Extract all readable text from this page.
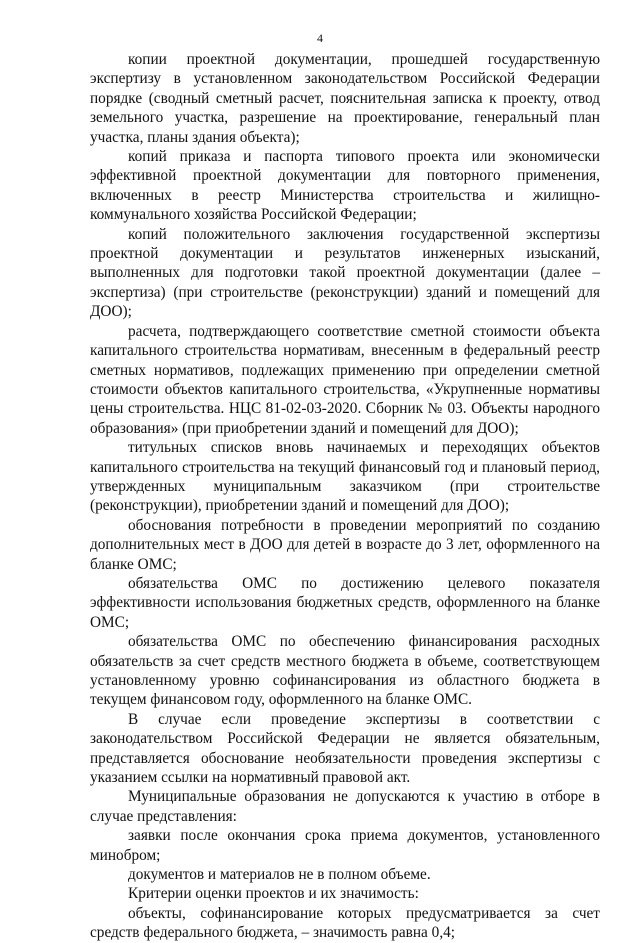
4

копии проектной документации, прошедшей государственную экспертизу в установленном законодательством Российской Федерации порядке (сводный сметный расчет, пояснительная записка к проекту, отвод земельного участка, разрешение на проектирование, генеральный план участка, планы здания объекта);

копий приказа и паспорта типового проекта или экономически эффективной проектной документации для повторного применения, включенных в реестр Министерства строительства и жилищно-коммунального хозяйства Российской Федерации;

копий положительного заключения государственной экспертизы проектной документации и результатов инженерных изысканий, выполненных для подготовки такой проектной документации (далее – экспертиза) (при строительстве (реконструкции) зданий и помещений для ДОО);

расчета, подтверждающего соответствие сметной стоимости объекта капитального строительства нормативам, внесенным в федеральный реестр сметных нормативов, подлежащих применению при определении сметной стоимости объектов капитального строительства, «Укрупненные нормативы цены строительства. НЦС 81-02-03-2020. Сборник № 03. Объекты народного образования» (при приобретении зданий и помещений для ДОО);

титульных списков вновь начинаемых и переходящих объектов капитального строительства на текущий финансовый год и плановый период, утвержденных муниципальным заказчиком (при строительстве (реконструкции), приобретении зданий и помещений для ДОО);

обоснования потребности в проведении мероприятий по созданию дополнительных мест в ДОО для детей в возрасте до 3 лет, оформленного на бланке ОМС;

обязательства ОМС по достижению целевого показателя эффективности использования бюджетных средств, оформленного на бланке ОМС;

обязательства ОМС по обеспечению финансирования расходных обязательств за счет средств местного бюджета в объеме, соответствующем установленному уровню софинансирования из областного бюджета в текущем финансовом году, оформленного на бланке ОМС.

В случае если проведение экспертизы в соответствии с законодательством Российской Федерации не является обязательным, представляется обоснование необязательности проведения экспертизы с указанием ссылки на нормативный правовой акт.

Муниципальные образования не допускаются к участию в отборе в случае представления:

заявки после окончания срока приема документов, установленного минобром;

документов и материалов не в полном объеме.

Критерии оценки проектов и их значимость:

объекты, софинансирование которых предусматривается за счет средств федерального бюджета, – значимость равна 0,4;
